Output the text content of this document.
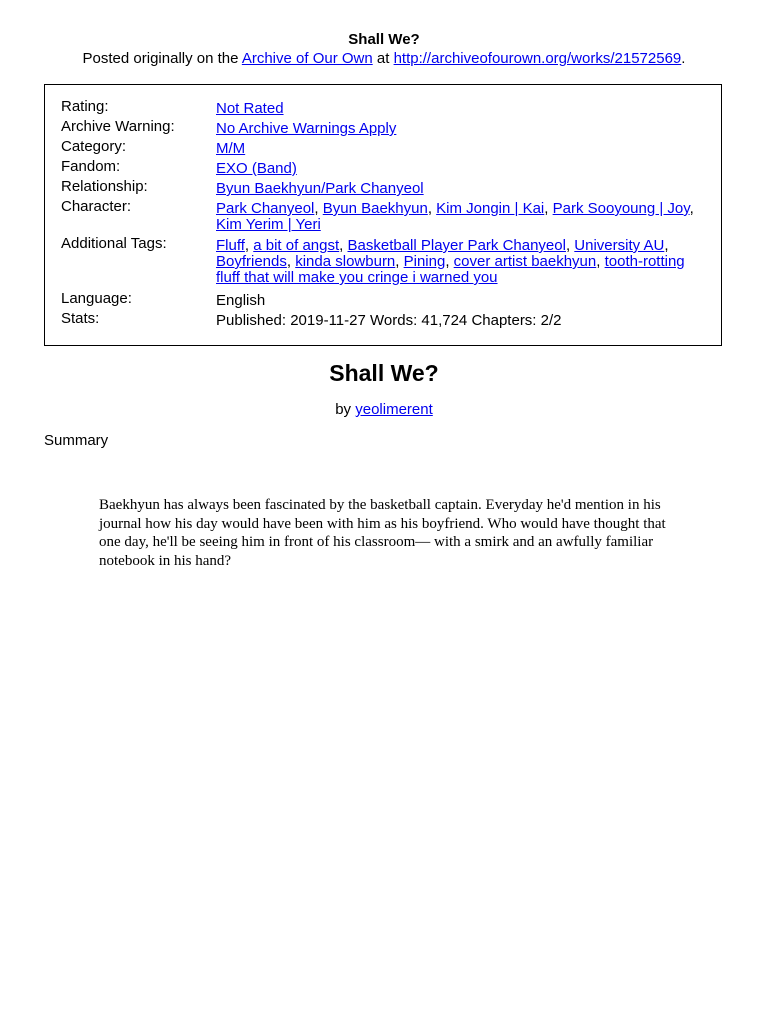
Shall We?
Posted originally on the Archive of Our Own at http://archiveofourown.org/works/21572569.
Rating:	Not Rated
Archive Warning:	No Archive Warnings Apply
Category:	M/M
Fandom:	EXO (Band)
Relationship:	Byun Baekhyun/Park Chanyeol
Character:	Park Chanyeol, Byun Baekhyun, Kim Jongin | Kai, Park Sooyoung | Joy, Kim Yerim | Yeri
Additional Tags:	Fluff, a bit of angst, Basketball Player Park Chanyeol, University AU, Boyfriends, kinda slowburn, Pining, cover artist baekhyun, tooth-rotting fluff that will make you cringe i warned you
Language:	English
Stats:	Published: 2019-11-27 Words: 41,724 Chapters: 2/2
Shall We?
by yeolimerent
Summary
Baekhyun has always been fascinated by the basketball captain. Everyday he'd mention in his journal how his day would have been with him as his boyfriend. Who would have thought that one day, he'll be seeing him in front of his classroom— with a smirk and an awfully familiar notebook in his hand?
